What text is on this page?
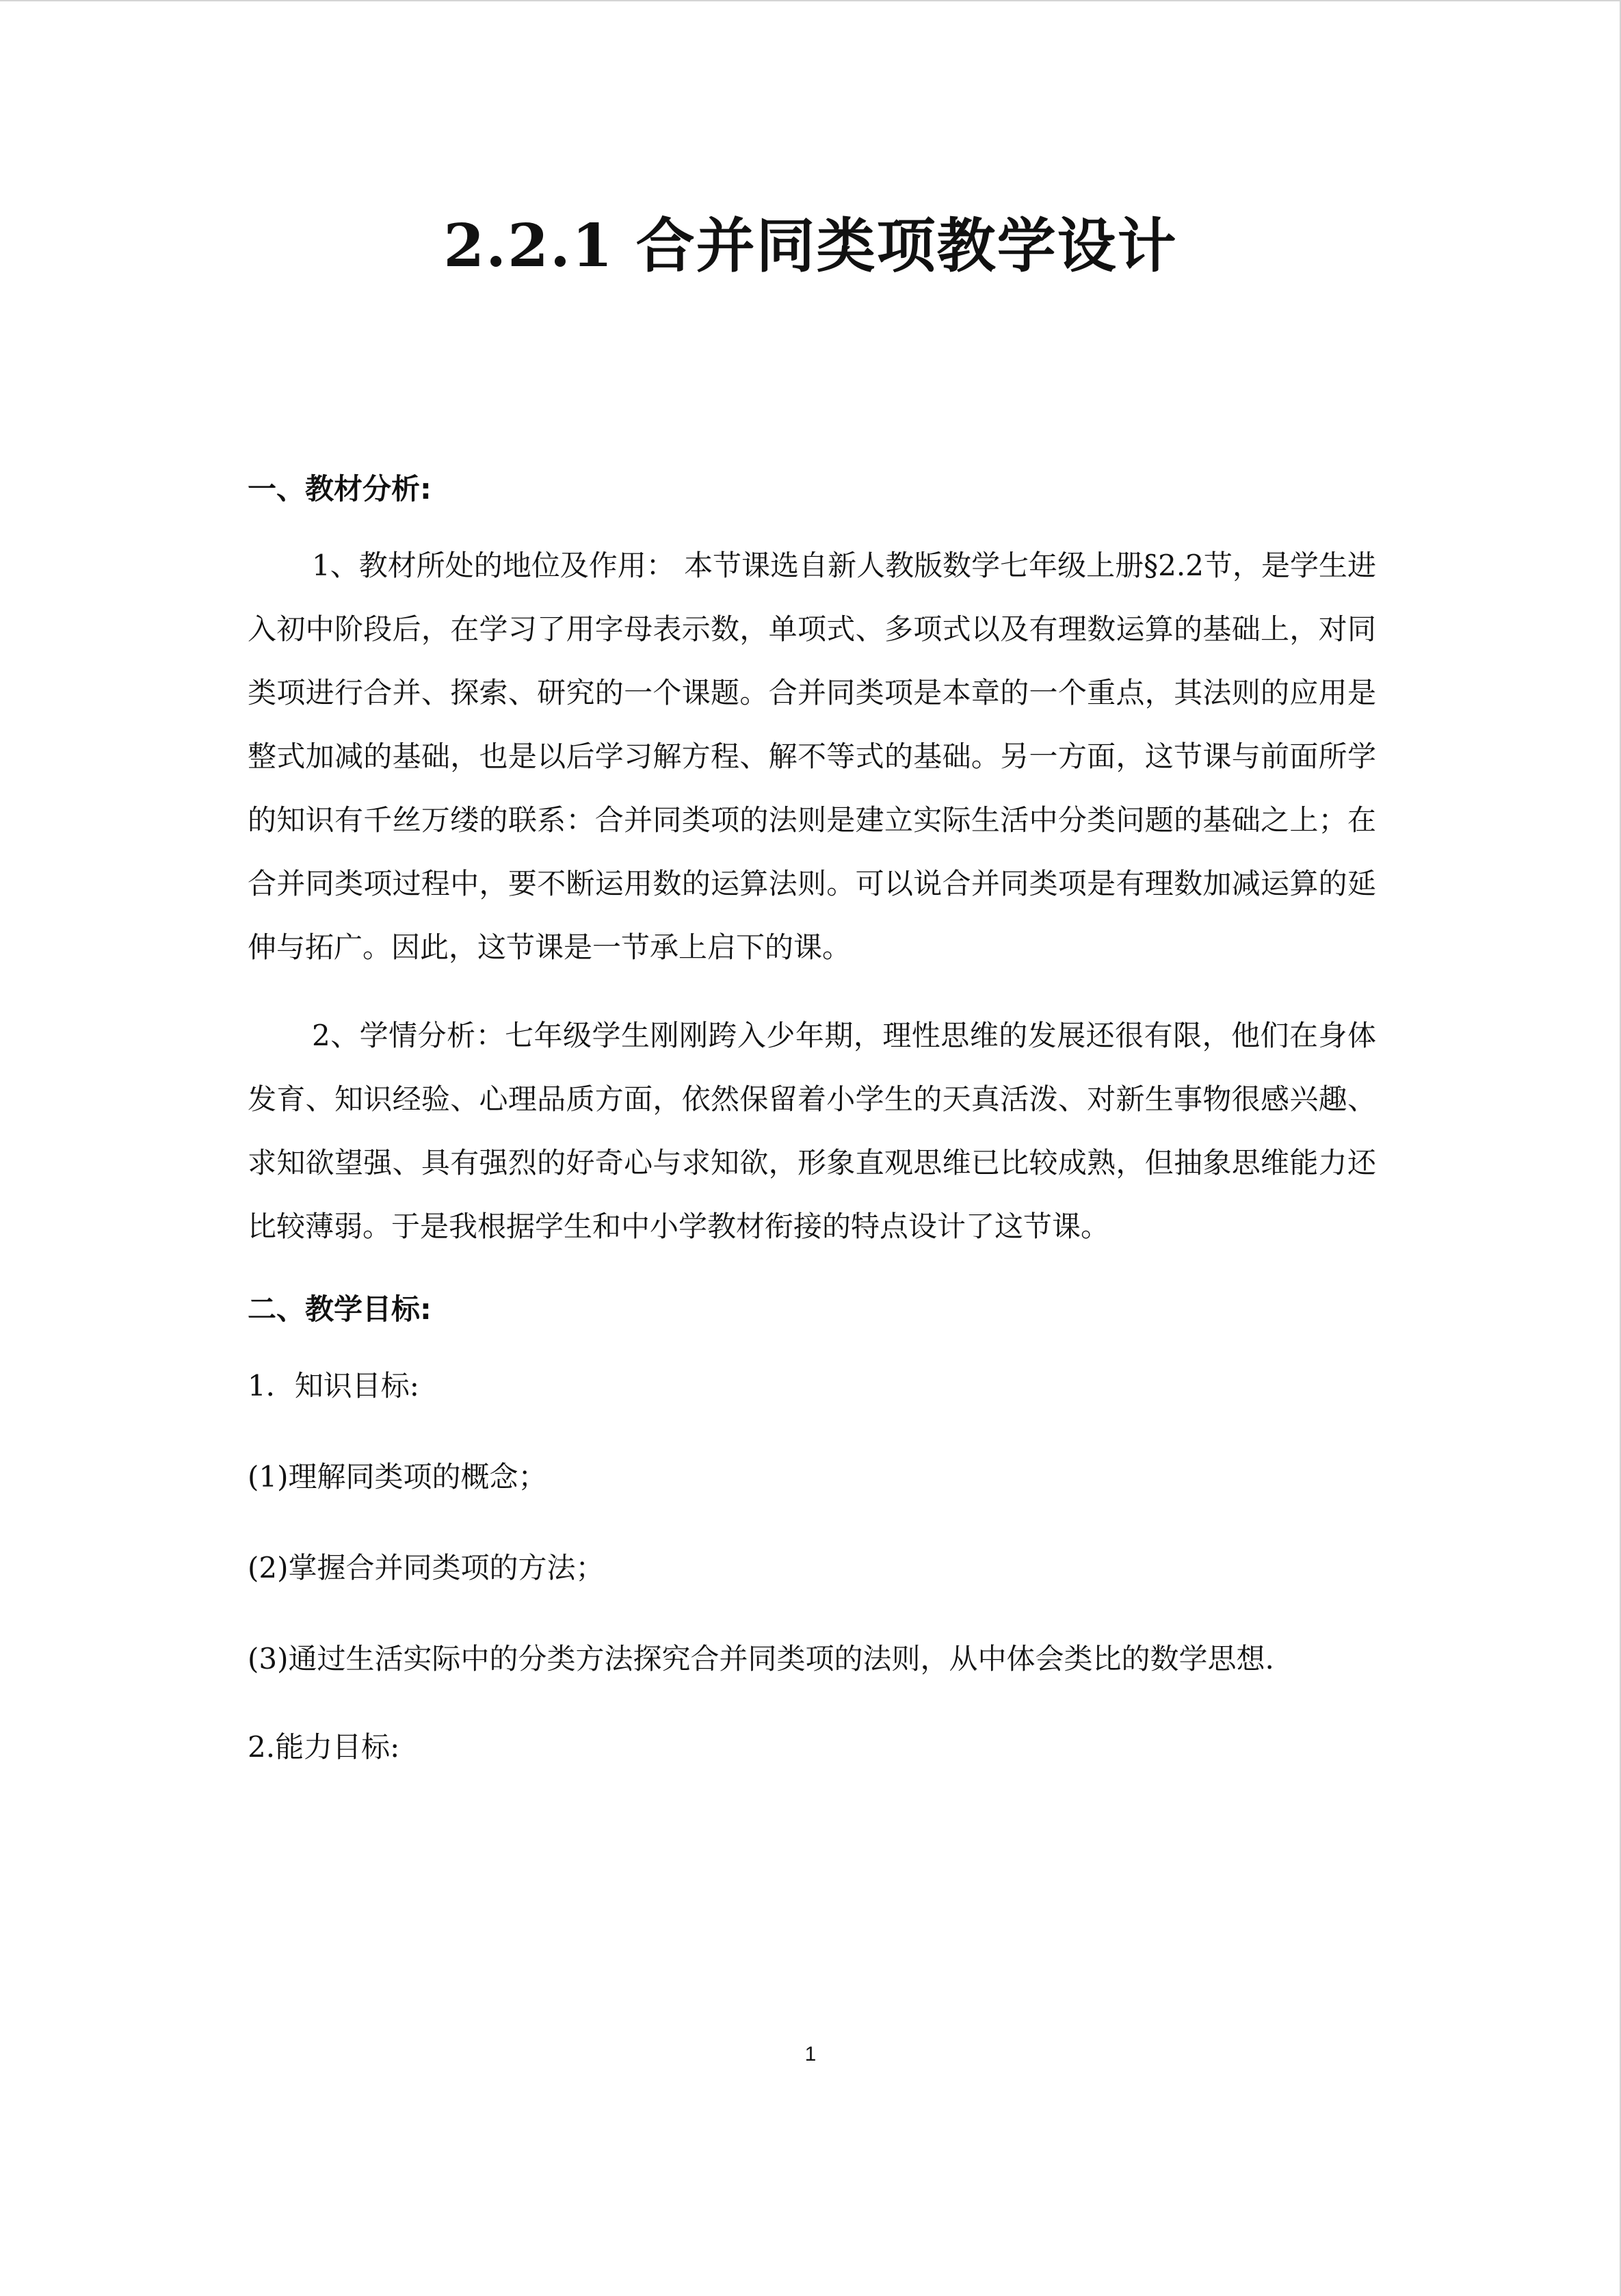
2.2.1 合并同类项教学设计
一、教材分析:

1、教材所处的地位及作用： 本节课选自新人教版数学七年级上册§2.2节，是学生进入初中阶段后，在学习了用字母表示数，单项式、多项式以及有理数运算的基础上，对同类项进行合并、探索、研究的一个课题。合并同类项是本章的一个重点，其法则的应用是整式加减的基础，也是以后学习解方程、解不等式的基础。另一方面，这节课与前面所学的知识有千丝万缕的联系：合并同类项的法则是建立实际生活中分类问题的基础之上；在合并同类项过程中，要不断运用数的运算法则。可以说合并同类项是有理数加减运算的延伸与拓广。因此，这节课是一节承上启下的课。

2、学情分析：七年级学生刚刚跨入少年期，理性思维的发展还很有限，他们在身体发育、知识经验、心理品质方面，依然保留着小学生的天真活泼、对新生事物很感兴趣、求知欲望强、具有强烈的好奇心与求知欲，形象直观思维已比较成熟，但抽象思维能力还比较薄弱。于是我根据学生和中小学教材衔接的特点设计了这节课。

二、教学目标:
1．知识目标:
(1)理解同类项的概念；
(2)掌握合并同类项的方法；
(3)通过生活实际中的分类方法探究合并同类项的法则，从中体会类比的数学思想.
2.能力目标:
1
